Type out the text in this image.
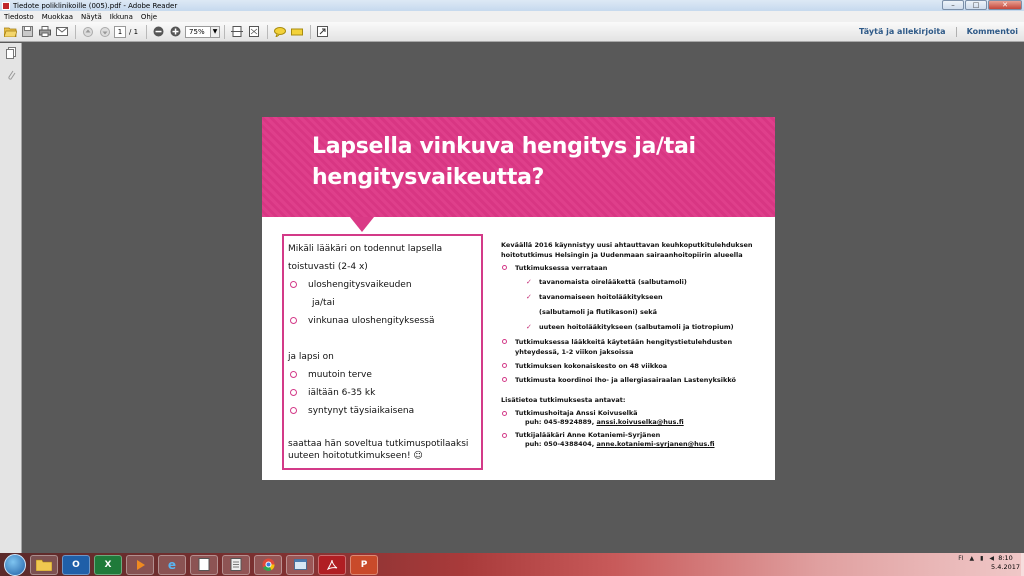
Tiedote poliklinikoille (005).pdf - Adobe Reader	–	□	✕
Tiedosto Muokkaa Näytä Ikkuna Ohje
1 / 1	75%	▼	Täytä ja allekirjoita	Kommentoi
Lapsella vinkuva hengitys ja/tai hengitysvaikeutta?
Mikäli lääkäri on todennut lapsella toistuvasti (2-4 x)
uloshengitysvaikeuden
ja/tai
vinkunaa uloshengityksessä
ja lapsi on
muutoin terve
iältään 6-35 kk
syntynyt täysiaikaisena
saattaa hän soveltua tutkimuspotilaaksi uuteen hoitotutkimukseen! ☺
Keväällä 2016 käynnistyy uusi ahtauttavan keuhkoputkitulehduksen hoitotutkimus Helsingin ja Uudenmaan sairaanhoitopiirin alueella
Tutkimuksessa verrataan
✓ tavanomaista oirelääkettä (salbutamoli)
✓ tavanomaiseen hoitolääkitykseen
(salbutamoli ja flutikasoni) sekä
✓ uuteen hoitolääkitykseen (salbutamoli ja tiotropium)
Tutkimuksessa lääkkeitä käytetään hengitystietulehdusten yhteydessä, 1-2 viikon jaksoissa
Tutkimuksen kokonaiskesto on 48 viikkoa
Tutkimusta koordinoi Iho- ja allergiasairaalan Lastenyksikkö
Lisätietoa tutkimuksesta antavat:
Tutkimushoitaja Anssi Koivuselkä
puh: 045-8924889, anssi.koivuselka@hus.fi
Tutkijalääkäri Anne Kotaniemi-Syrjänen
puh: 050-4388404, anne.kotaniemi-syrjanen@hus.fi
O	X	e	P
FI ▲ ▮ ◀ 8:10
5.4.2017
